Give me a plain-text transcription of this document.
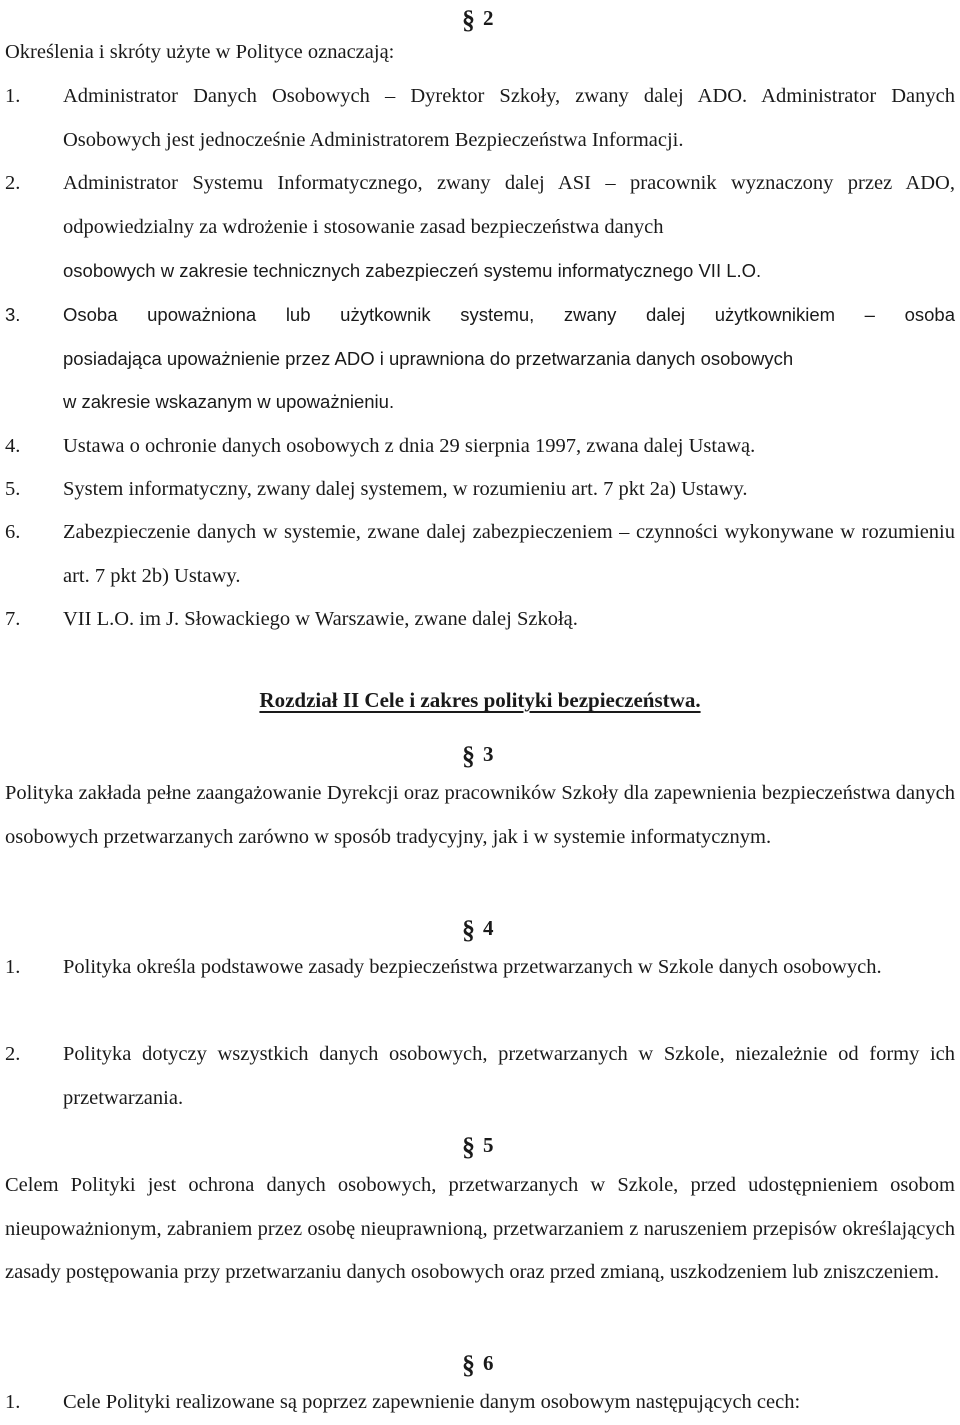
§ 2
Określenia i skróty użyte w Polityce oznaczają:
1. Administrator Danych Osobowych – Dyrektor Szkoły, zwany dalej ADO. Administrator Danych Osobowych jest jednocześnie Administratorem Bezpieczeństwa Informacji.
2. Administrator Systemu Informatycznego, zwany dalej ASI – pracownik wyznaczony przez ADO, odpowiedzialny za wdrożenie i stosowanie zasad bezpieczeństwa danych
osobowych w zakresie technicznych zabezpieczeń systemu informatycznego VII L.O.
3. Osoba upoważniona lub użytkownik systemu, zwany dalej użytkownikiem – osoba
posiadająca upoważnienie przez ADO i uprawniona do przetwarzania danych osobowych
w zakresie wskazanym w upoważnieniu.
4. Ustawa o ochronie danych osobowych z dnia 29 sierpnia 1997, zwana dalej Ustawą.
5. System informatyczny, zwany dalej systemem, w rozumieniu art. 7 pkt 2a) Ustawy.
6. Zabezpieczenie danych w systemie, zwane dalej zabezpieczeniem – czynności wykonywane w rozumieniu art. 7 pkt 2b) Ustawy.
7. VII L.O. im J. Słowackiego w Warszawie, zwane dalej Szkołą.
Rozdział II Cele i zakres polityki bezpieczeństwa.
§ 3
Polityka zakłada pełne zaangażowanie Dyrekcji oraz pracowników Szkoły dla zapewnienia bezpieczeństwa danych osobowych przetwarzanych zarówno w sposób tradycyjny, jak i w systemie informatycznym.
§ 4
1. Polityka określa podstawowe zasady bezpieczeństwa przetwarzanych w Szkole danych osobowych.
2. Polityka dotyczy wszystkich danych osobowych, przetwarzanych w Szkole, niezależnie od formy ich przetwarzania.
§ 5
Celem Polityki jest ochrona danych osobowych, przetwarzanych w Szkole, przed udostępnieniem osobom nieupoważnionym, zabraniem przez osobę nieuprawnioną, przetwarzaniem z naruszeniem przepisów określających zasady postępowania przy przetwarzaniu danych osobowych oraz przed zmianą, uszkodzeniem lub zniszczeniem.
§ 6
1. Cele Polityki realizowane są poprzez zapewnienie danym osobowym następujących cech:
